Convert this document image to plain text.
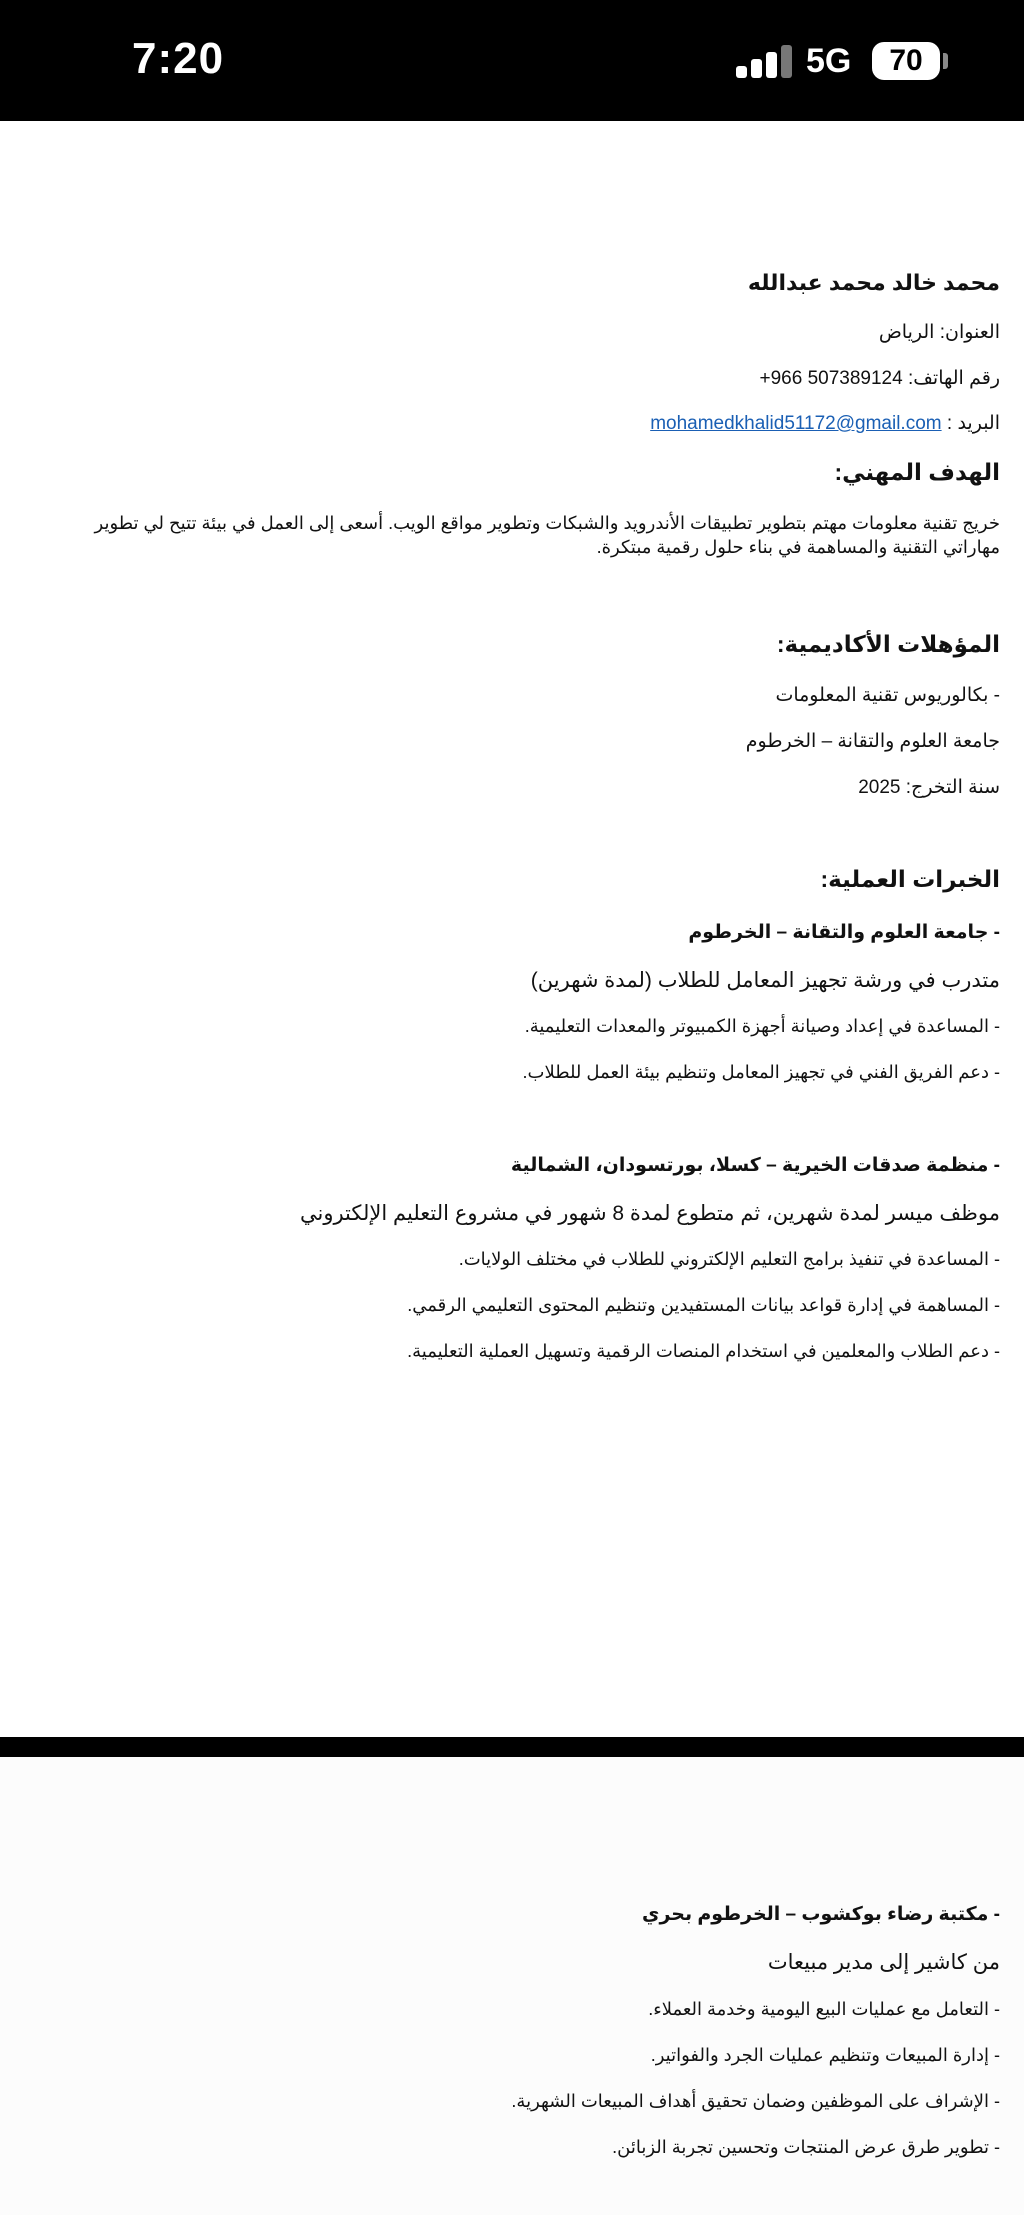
7:20	5G	70
محمد خالد محمد عبدالله
العنوان: الرياض
رقم الهاتف: +966 507389124
البريد : mohamedkhalid51172@gmail.com
الهدف المهني:
خريج تقنية معلومات مهتم بتطوير تطبيقات الأندرويد والشبكات وتطوير مواقع الويب. أسعى إلى العمل في بيئة تتيح لي تطوير مهاراتي التقنية والمساهمة في بناء حلول رقمية مبتكرة.
المؤهلات الأكاديمية:
- بكالوريوس تقنية المعلومات
جامعة العلوم والتقانة – الخرطوم
سنة التخرج: 2025
الخبرات العملية:
- جامعة العلوم والتقانة – الخرطوم
متدرب في ورشة تجهيز المعامل للطلاب (لمدة شهرين)
- المساعدة في إعداد وصيانة أجهزة الكمبيوتر والمعدات التعليمية.
- دعم الفريق الفني في تجهيز المعامل وتنظيم بيئة العمل للطلاب.
- منظمة صدقات الخيرية – كسلا، بورتسودان، الشمالية
موظف ميسر لمدة شهرين، ثم متطوع لمدة 8 شهور في مشروع التعليم الإلكتروني
- المساعدة في تنفيذ برامج التعليم الإلكتروني للطلاب في مختلف الولايات.
- المساهمة في إدارة قواعد بيانات المستفيدين وتنظيم المحتوى التعليمي الرقمي.
- دعم الطلاب والمعلمين في استخدام المنصات الرقمية وتسهيل العملية التعليمية.
- مكتبة رضاء بوكشوب – الخرطوم بحري
من كاشير إلى مدير مبيعات
- التعامل مع عمليات البيع اليومية وخدمة العملاء.
- إدارة المبيعات وتنظيم عمليات الجرد والفواتير.
- الإشراف على الموظفين وضمان تحقيق أهداف المبيعات الشهرية.
- تطوير طرق عرض المنتجات وتحسين تجربة الزبائن.
